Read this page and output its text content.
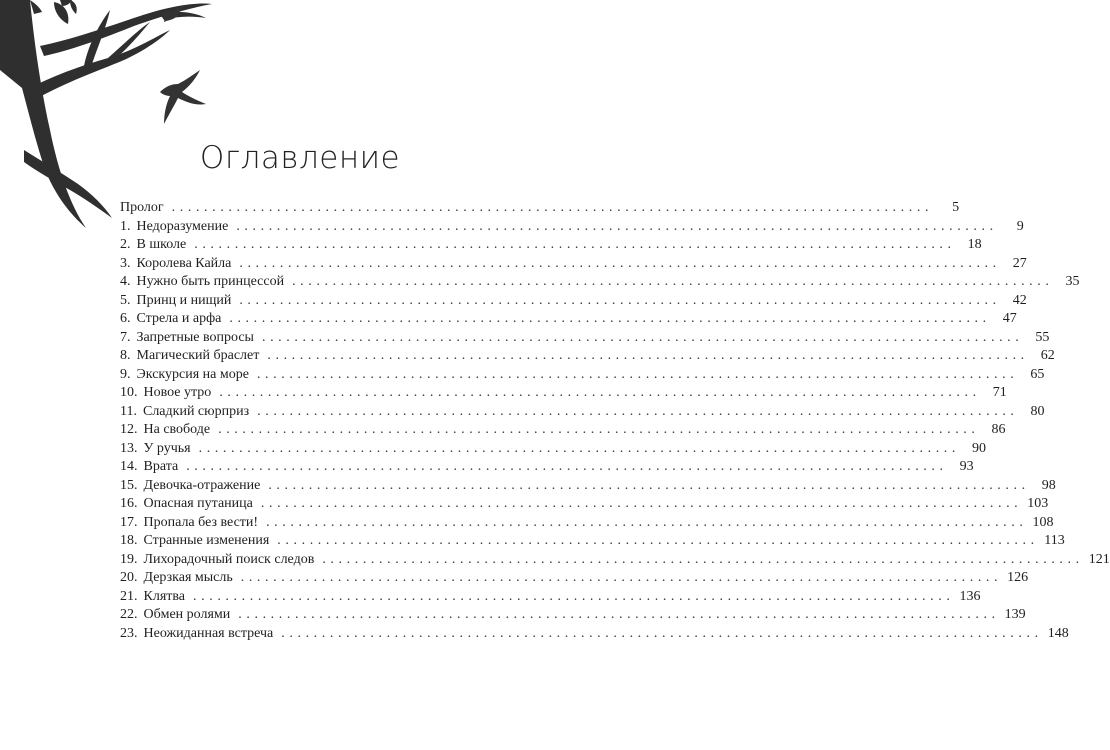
Оглавление
Пролог ..............................................................................................	5
1. Недоразумение ..............................................................................................	9
2. В школе .............................................................................................. 18
3. Королева Кайла .............................................................................................. 27
4. Нужно быть принцессой .............................................................................................. 35
5. Принц и нищий .............................................................................................. 42
6. Стрела и арфа .............................................................................................. 47
7. Запретные вопросы .............................................................................................. 55
8. Магический браслет .............................................................................................. 62
9. Экскурсия на море .............................................................................................. 65
10. Новое утро .............................................................................................. 71
11. Сладкий сюрприз .............................................................................................. 80
12. На свободе .............................................................................................. 86
13. У ручья .............................................................................................. 90
14. Врата .............................................................................................. 93
15. Девочка-отражение .............................................................................................. 98
16. Опасная путаница .............................................................................................. 103
17. Пропала без вести! .............................................................................................. 108
18. Странные изменения .............................................................................................. 113
19. Лихорадочный поиск следов .............................................................................................. 121
20. Дерзкая мысль .............................................................................................. 126
21. Клятва .............................................................................................. 136
22. Обмен ролями .............................................................................................. 139
23. Неожиданная встреча .............................................................................................. 148
